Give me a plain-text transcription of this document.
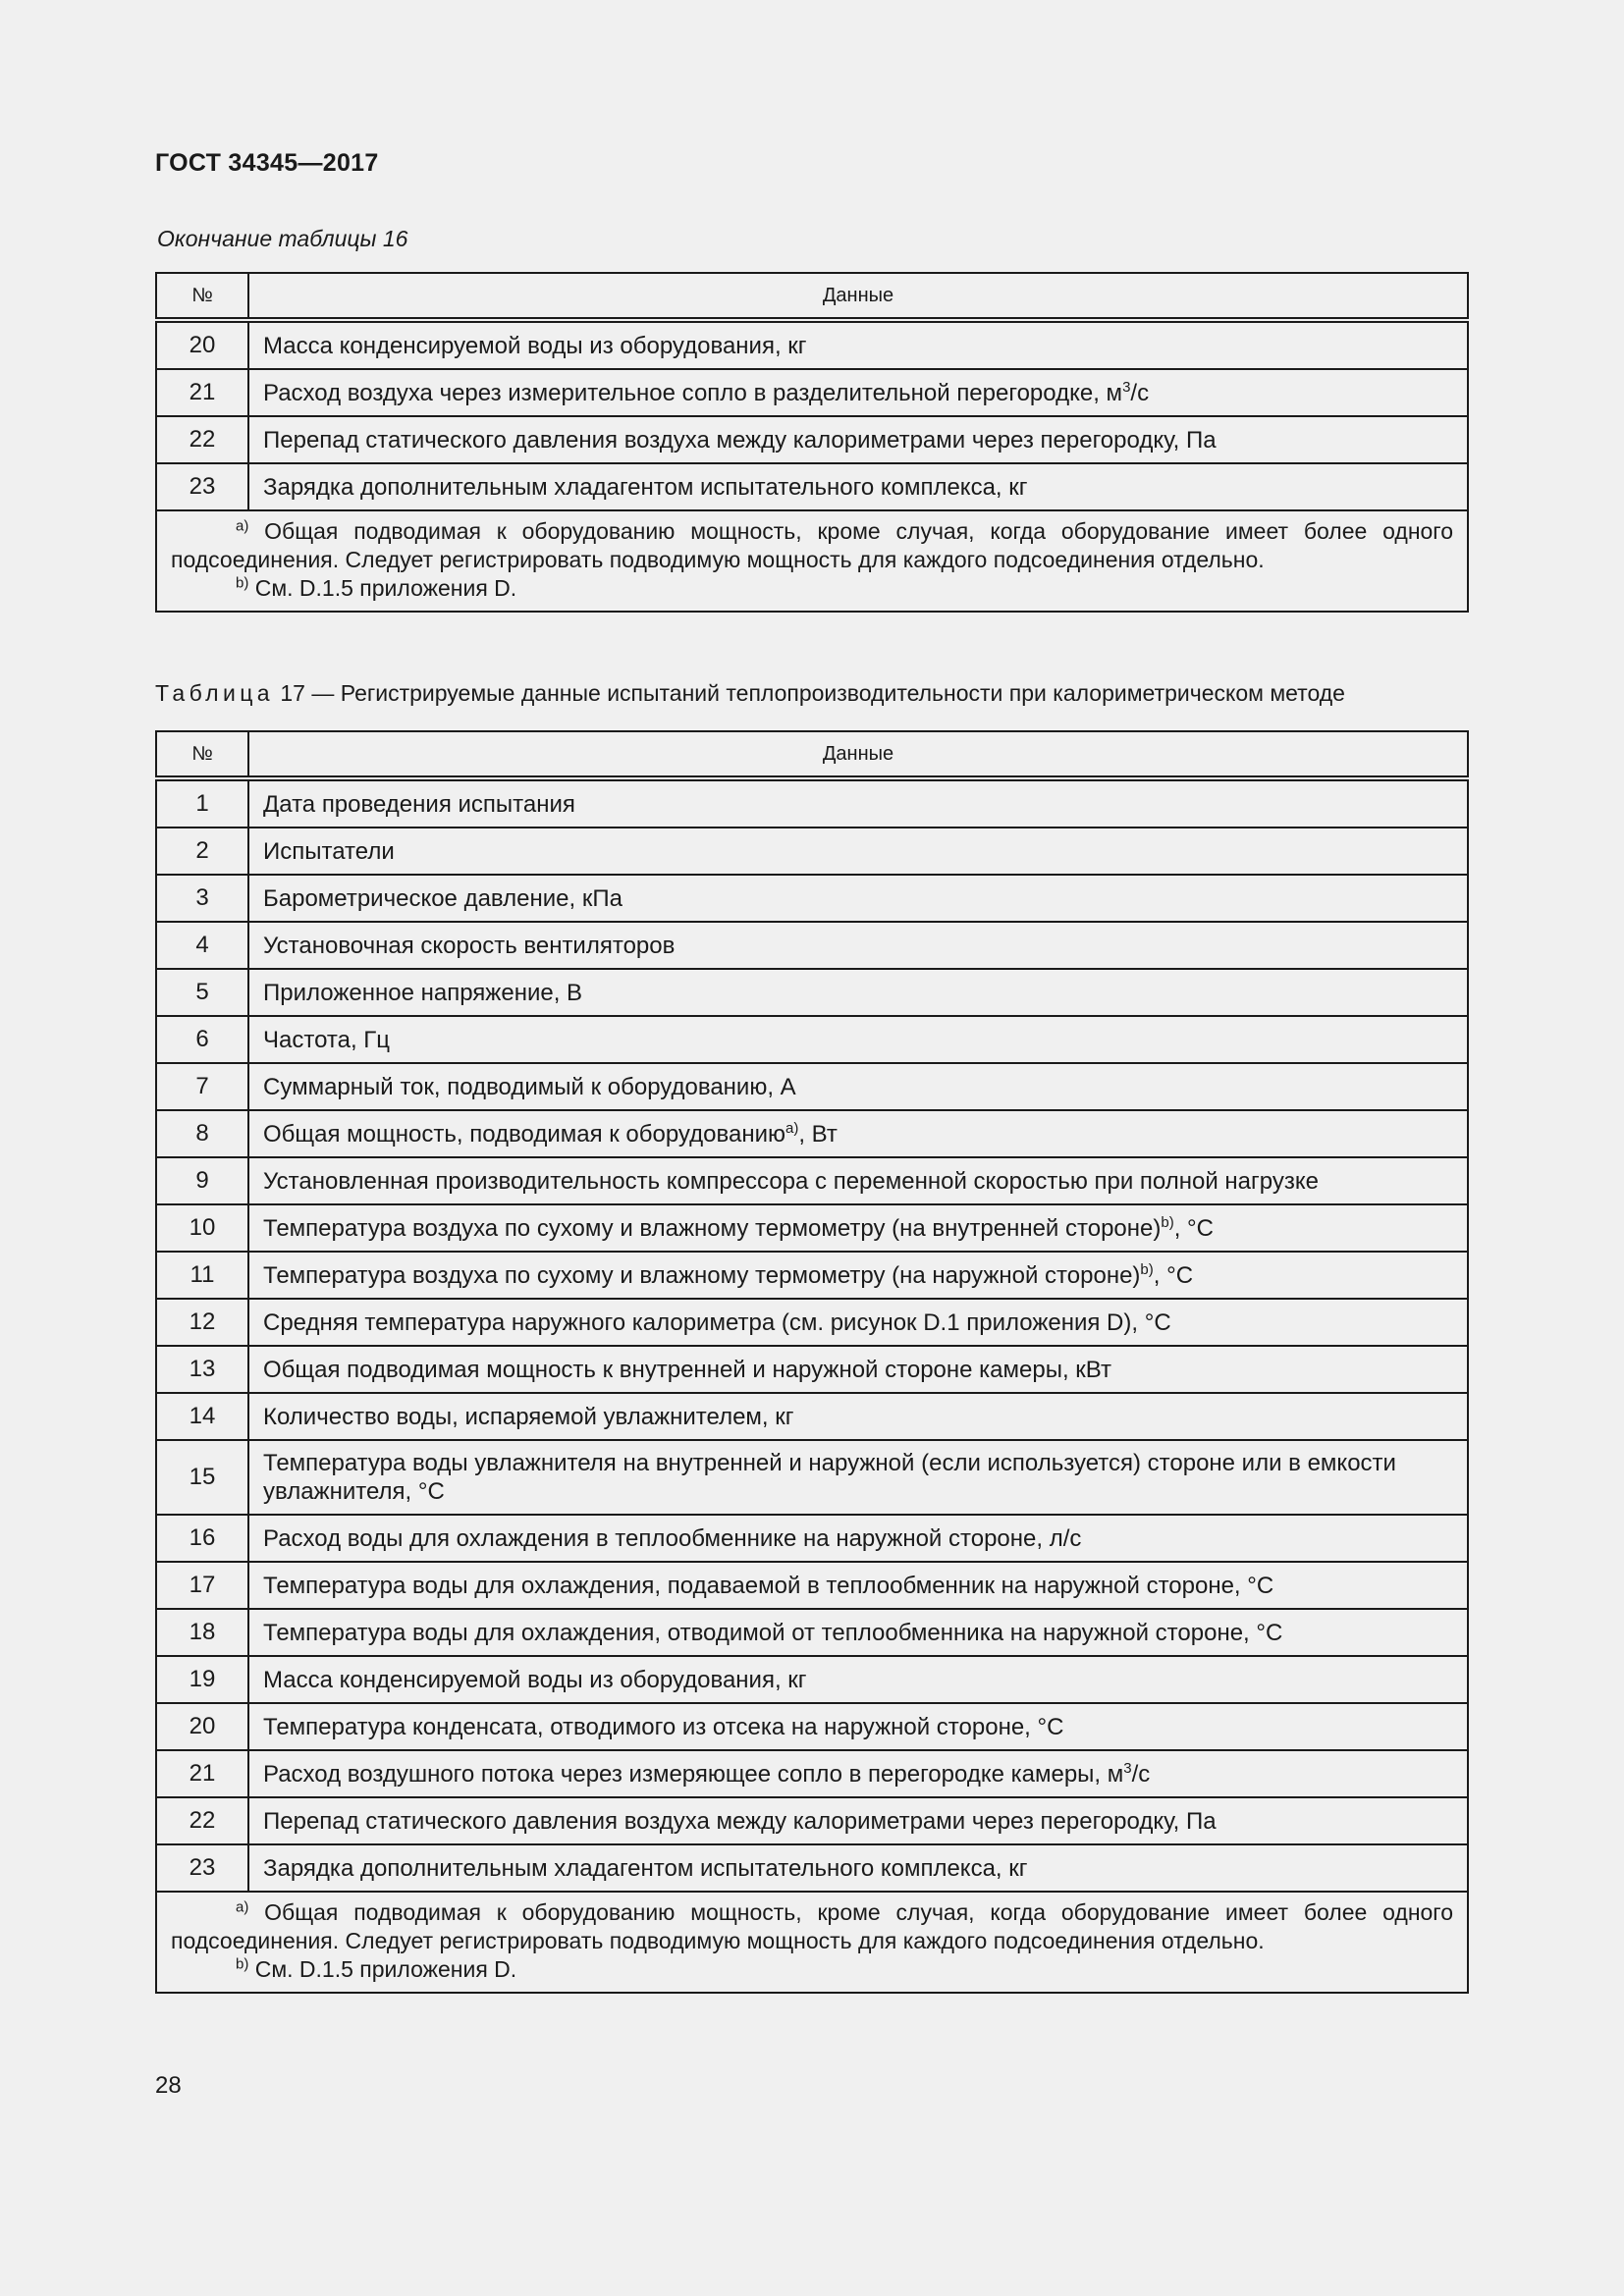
ГОСТ 34345—2017
Окончание таблицы 16
№	Данные
20	Масса конденсируемой воды из оборудования, кг
21	Расход воздуха через измерительное сопло в разделительной перегородке, $м^3/с$
22	Перепад статического давления воздуха между калориметрами через перегородку, Па
23	Зарядка дополнительным хладагентом испытательного комплекса, кг

$^{a)}$ Общая подводимая к оборудованию мощность, кроме случая, когда оборудование имеет более одного подсоединения. Следует регистрировать подводимую мощность для каждого подсоединения отдельно.
$^{b)}$ См. D.1.5 приложения D.	
Таблица 17 — Регистрируемые данные испытаний теплопроизводительности при калориметрическом методе
№	Данные
1	Дата проведения испытания
2	Испытатели
3	Барометрическое давление, кПа
4	Установочная скорость вентиляторов
5	Приложенное напряжение, В
6	Частота, Гц
7	Суммарный ток, подводимый к оборудованию, А
8	Общая мощность, подводимая к оборудованию$^{a)}$, Вт
9	Установленная производительность компрессора с переменной скоростью при полной нагрузке
10	Температура воздуха по сухому и влажному термометру (на внутренней стороне)$^{b)}$, °С
11	Температура воздуха по сухому и влажному термометру (на наружной стороне)$^{b)}$, °С
12	Средняя температура наружного калориметра (см. рисунок D.1 приложения D), °С
13	Общая подводимая мощность к внутренней и наружной стороне камеры, кВт
14	Количество воды, испаряемой увлажнителем, кг
15	Температура воды увлажнителя на внутренней и наружной (если используется) стороне или в емкости увлажнителя, °С
16	Расход воды для охлаждения в теплообменнике на наружной стороне, л/с
17	Температура воды для охлаждения, подаваемой в теплообменник на наружной стороне, °С
18	Температура воды для охлаждения, отводимой от теплообменника на наружной стороне, °С
19	Масса конденсируемой воды из оборудования, кг
20	Температура конденсата, отводимого из отсека на наружной стороне, °С
21	Расход воздушного потока через измеряющее сопло в перегородке камеры, $м^3/с$
22	Перепад статического давления воздуха между калориметрами через перегородку, Па
23	Зарядка дополнительным хладагентом испытательного комплекса, кг

$^{a)}$ Общая подводимая к оборудованию мощность, кроме случая, когда оборудование имеет более одного подсоединения. Следует регистрировать подводимую мощность для каждого подсоединения отдельно.
$^{b)}$ См. D.1.5 приложения D.	
28
